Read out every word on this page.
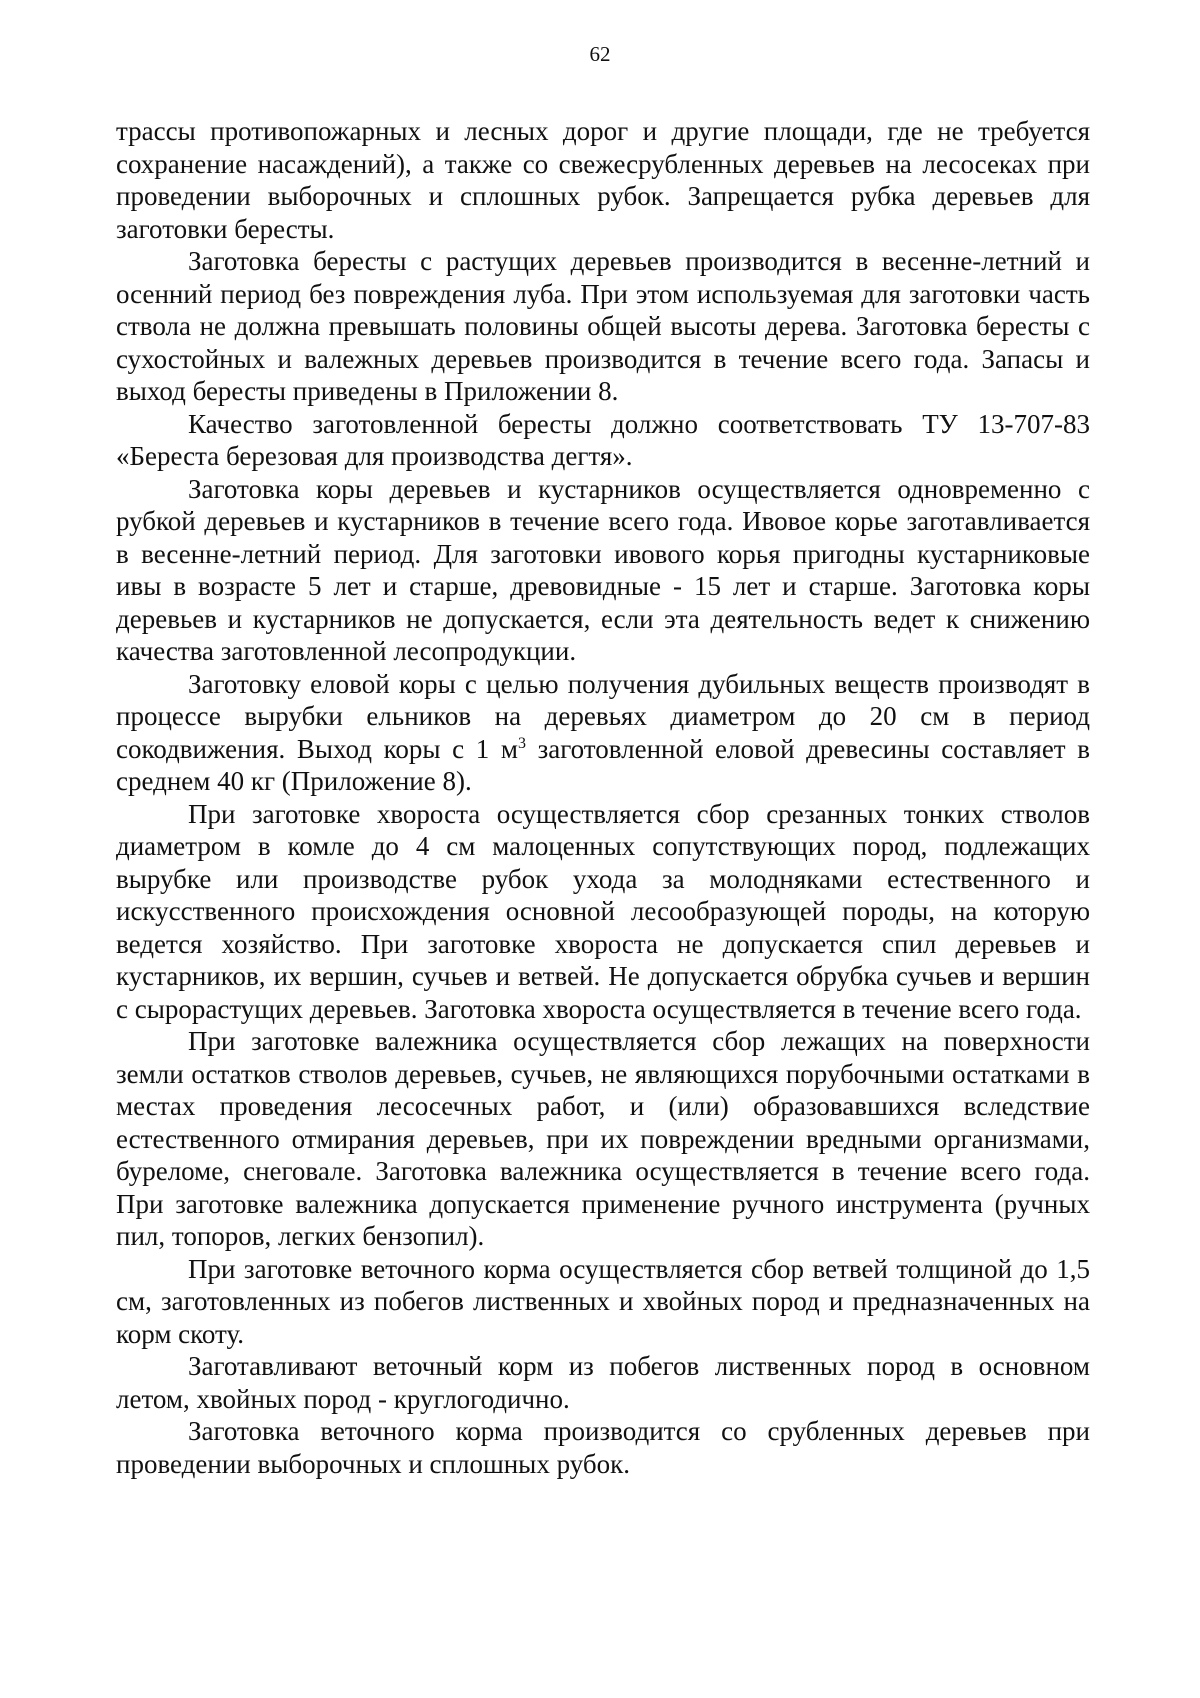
62

трассы противопожарных и лесных дорог и другие площади, где не требуется сохранение насаждений), а также со свежесрубленных деревьев на лесосеках при проведении выборочных и сплошных рубок. Запрещается рубка деревьев для заготовки бересты.

Заготовка бересты с растущих деревьев производится в весенне-летний и осенний период без повреждения луба. При этом используемая для заготовки часть ствола не должна превышать половины общей высоты дерева. Заготовка бересты с сухостойных и валежных деревьев производится в течение всего года. Запасы и выход бересты приведены в Приложении 8.

Качество заготовленной бересты должно соответствовать ТУ 13-707-83 «Береста березовая для производства дегтя».

Заготовка коры деревьев и кустарников осуществляется одновременно с рубкой деревьев и кустарников в течение всего года. Ивовое корье заготавливается в весенне-летний период. Для заготовки ивового корья пригодны кустарниковые ивы в возрасте 5 лет и старше, древовидные - 15 лет и старше. Заготовка коры деревьев и кустарников не допускается, если эта деятельность ведет к снижению качества заготовленной лесопродукции.

Заготовку еловой коры с целью получения дубильных веществ производят в процессе вырубки ельников на деревьях диаметром до 20 см в период сокодвижения. Выход коры с 1 $м^3$ заготовленной еловой древесины составляет в среднем 40 кг (Приложение 8).

При заготовке хвороста осуществляется сбор срезанных тонких стволов диаметром в комле до 4 см малоценных сопутствующих пород, подлежащих вырубке или производстве рубок ухода за молодняками естественного и искусственного происхождения основной лесообразующей породы, на которую ведется хозяйство. При заготовке хвороста не допускается спил деревьев и кустарников, их вершин, сучьев и ветвей. Не допускается обрубка сучьев и вершин с сырорастущих деревьев. Заготовка хвороста осуществляется в течение всего года.

При заготовке валежника осуществляется сбор лежащих на поверхности земли остатков стволов деревьев, сучьев, не являющихся порубочными остатками в местах проведения лесосечных работ, и (или) образовавшихся вследствие естественного отмирания деревьев, при их повреждении вредными организмами, буреломе, снеговале. Заготовка валежника осуществляется в течение всего года. При заготовке валежника допускается применение ручного инструмента (ручных пил, топоров, легких бензопил).

При заготовке веточного корма осуществляется сбор ветвей толщиной до 1,5 см, заготовленных из побегов лиственных и хвойных пород и предназначенных на корм скоту.

Заготавливают веточный корм из побегов лиственных пород в основном летом, хвойных пород - круглогодично.

Заготовка веточного корма производится со срубленных деревьев при проведении выборочных и сплошных рубок.
